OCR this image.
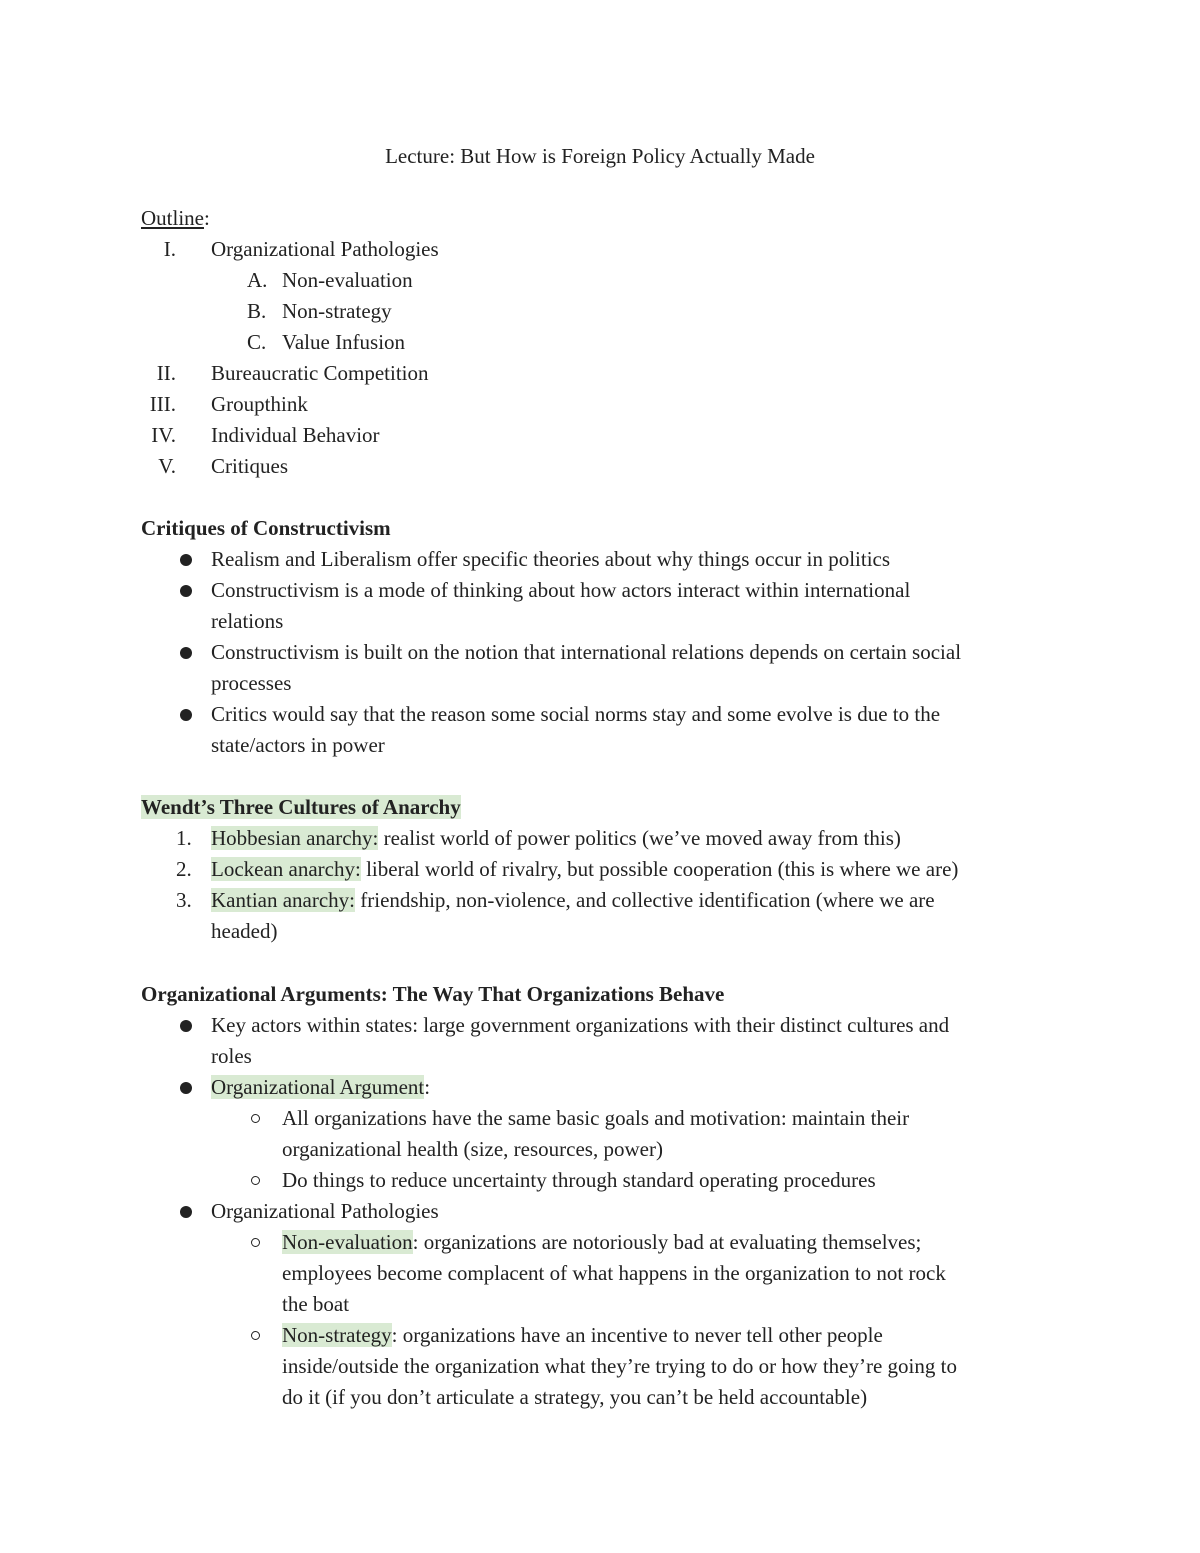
Lecture: But How is Foreign Policy Actually Made
Outline:
I. Organizational Pathologies
A. Non-evaluation
B. Non-strategy
C. Value Infusion
II. Bureaucratic Competition
III. Groupthink
IV. Individual Behavior
V. Critiques
Critiques of Constructivism
Realism and Liberalism offer specific theories about why things occur in politics
Constructivism is a mode of thinking about how actors interact within international
relations
Constructivism is built on the notion that international relations depends on certain social
processes
Critics would say that the reason some social norms stay and some evolve is due to the
state/actors in power
Wendt’s Three Cultures of Anarchy
1. Hobbesian anarchy: realist world of power politics (we’ve moved away from this)
2. Lockean anarchy: liberal world of rivalry, but possible cooperation (this is where we are)
3. Kantian anarchy: friendship, non-violence, and collective identification (where we are
headed)
Organizational Arguments: The Way That Organizations Behave
Key actors within states: large government organizations with their distinct cultures and
roles
Organizational Argument:
All organizations have the same basic goals and motivation: maintain their
organizational health (size, resources, power)
Do things to reduce uncertainty through standard operating procedures
Organizational Pathologies
Non-evaluation: organizations are notoriously bad at evaluating themselves;
employees become complacent of what happens in the organization to not rock
the boat
Non-strategy: organizations have an incentive to never tell other people
inside/outside the organization what they’re trying to do or how they’re going to
do it (if you don’t articulate a strategy, you can’t be held accountable)
